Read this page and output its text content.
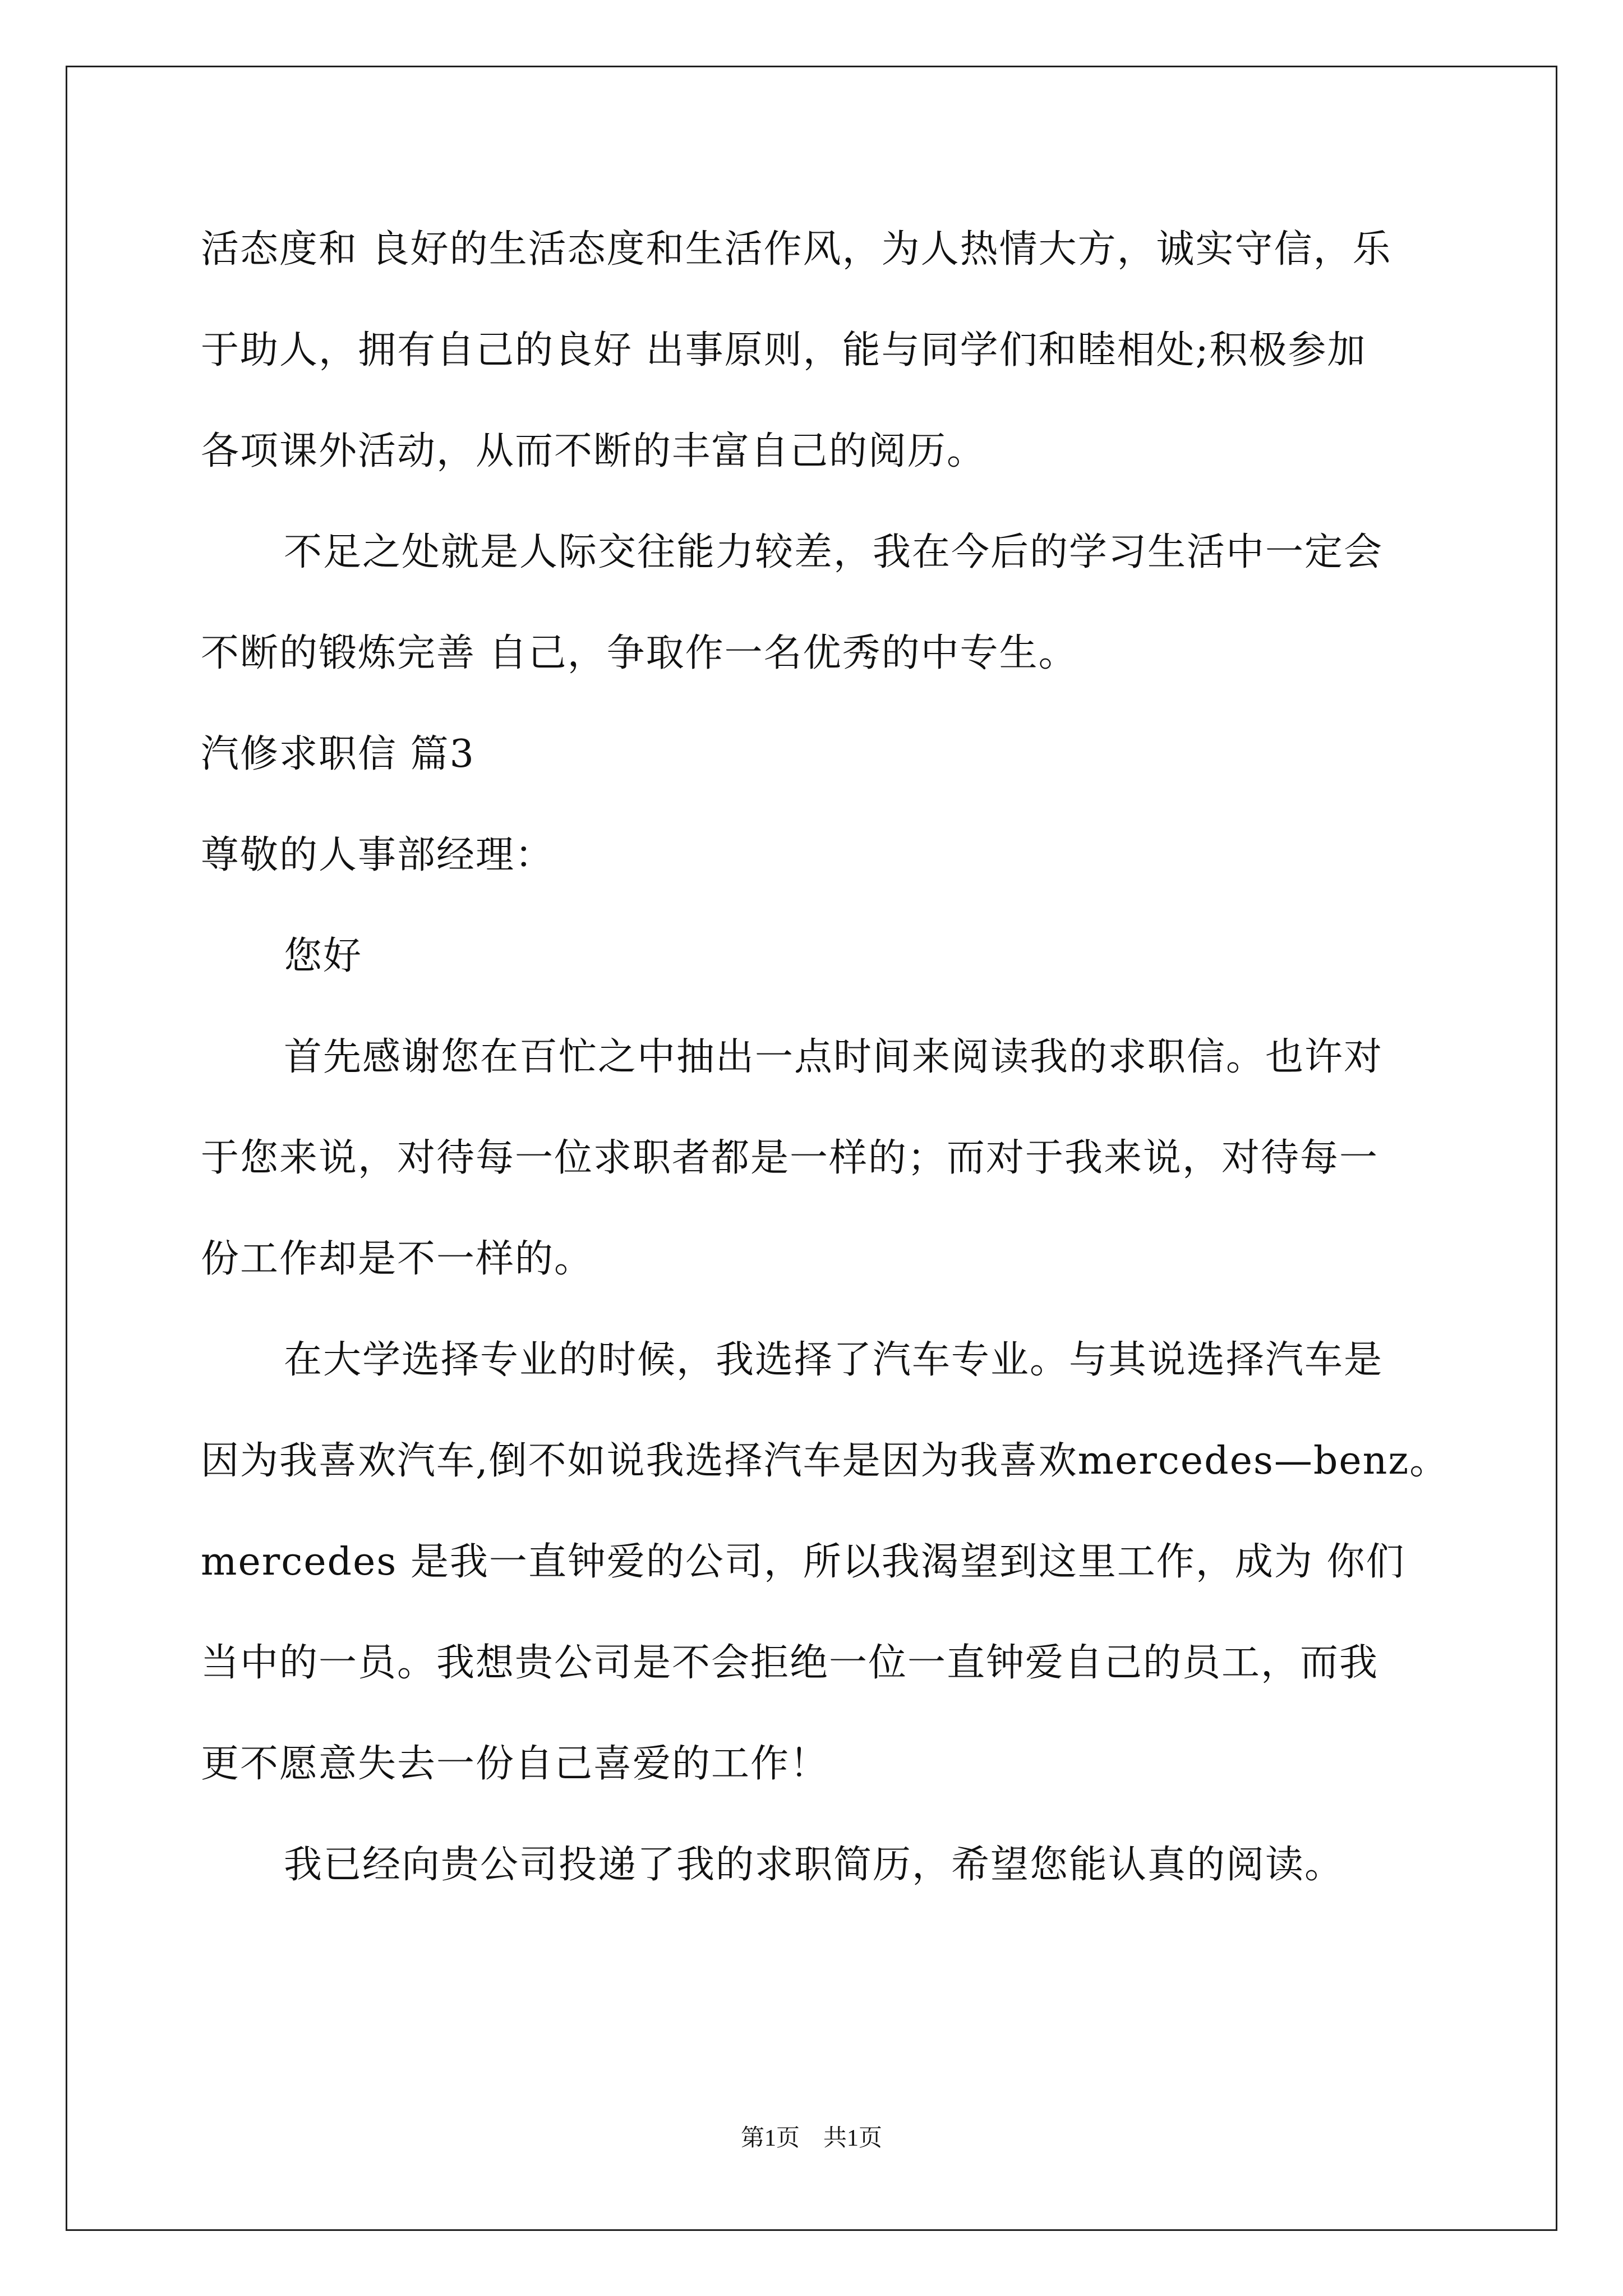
活态度和 良好的生活态度和生活作风，为人热情大方，诚实守信，乐
于助人，拥有自己的良好 出事原则，能与同学们和睦相处;积极参加
各项课外活动，从而不断的丰富自己的阅历。
不足之处就是人际交往能力较差，我在今后的学习生活中一定会
不断的锻炼完善 自己，争取作一名优秀的中专生。
汽修求职信 篇3
尊敬的人事部经理：
您好
首先感谢您在百忙之中抽出一点时间来阅读我的求职信。也许对
于您来说，对待每一位求职者都是一样的；而对于我来说，对待每一
份工作却是不一样的。
在大学选择专业的时候，我选择了汽车专业。与其说选择汽车是
因为我喜欢汽车,倒不如说我选择汽车是因为我喜欢mercedes—benz。
mercedes 是我一直钟爱的公司，所以我渴望到这里工作，成为 你们
当中的一员。我想贵公司是不会拒绝一位一直钟爱自己的员工，而我
更不愿意失去一份自己喜爱的工作！
我已经向贵公司投递了我的求职简历，希望您能认真的阅读。
第1页　共1页
